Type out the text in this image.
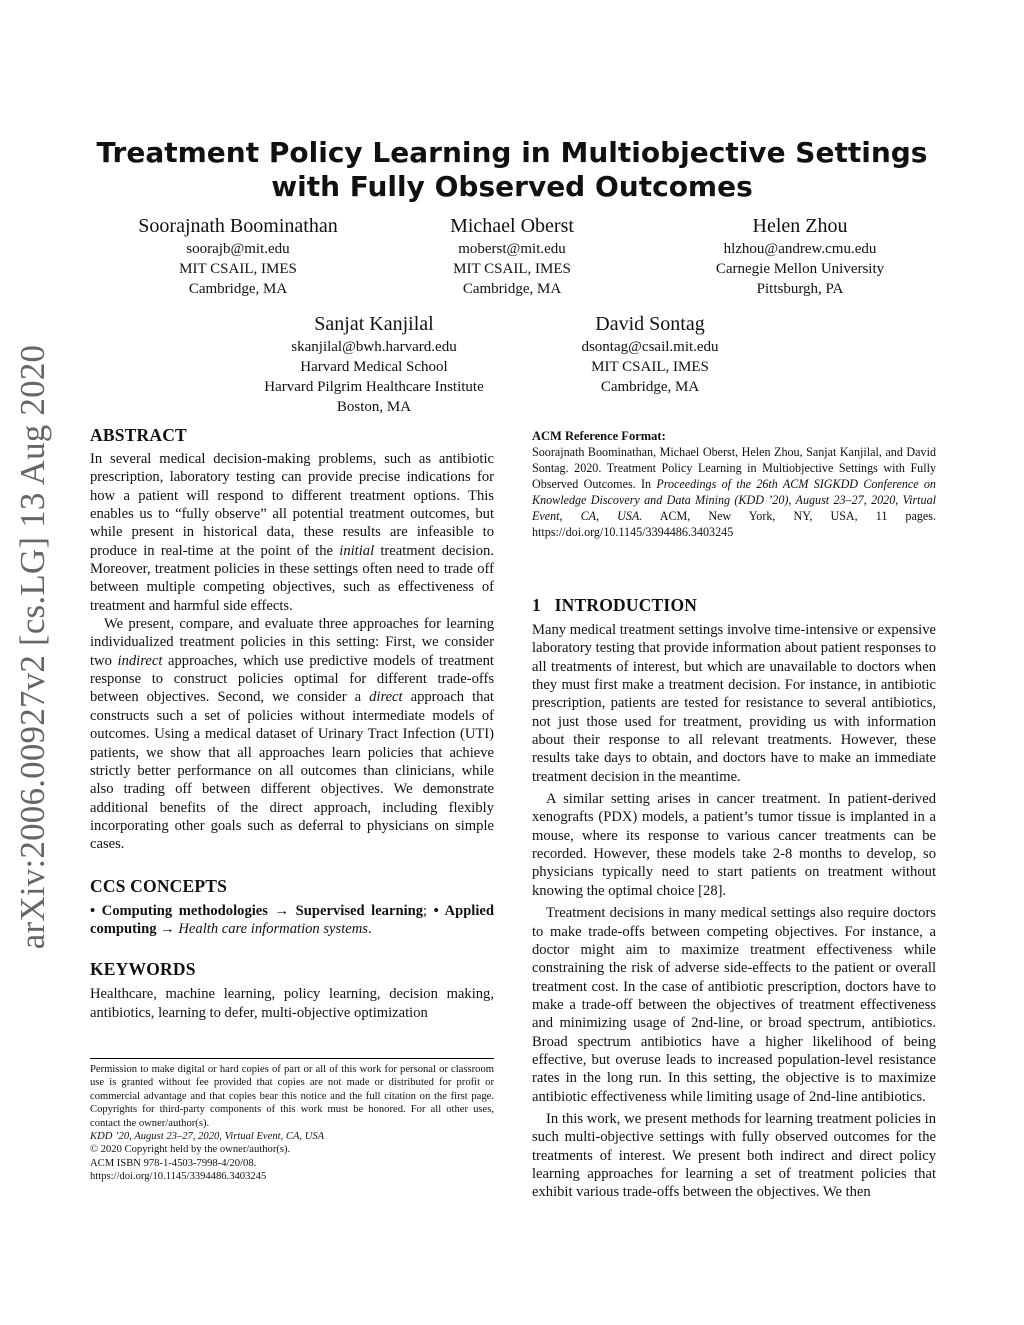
arXiv:2006.00927v2 [cs.LG] 13 Aug 2020
Treatment Policy Learning in Multiobjective Settings with Fully Observed Outcomes
Soorajnath Boominathan
soorajb@mit.edu
MIT CSAIL, IMES
Cambridge, MA
Michael Oberst
moberst@mit.edu
MIT CSAIL, IMES
Cambridge, MA
Helen Zhou
hlzhou@andrew.cmu.edu
Carnegie Mellon University
Pittsburgh, PA
Sanjat Kanjilal
skanjilal@bwh.harvard.edu
Harvard Medical School
Harvard Pilgrim Healthcare Institute
Boston, MA
David Sontag
dsontag@csail.mit.edu
MIT CSAIL, IMES
Cambridge, MA
ABSTRACT

In several medical decision-making problems, such as antibiotic prescription, laboratory testing can provide precise indications for how a patient will respond to different treatment options. This enables us to “fully observe” all potential treatment outcomes, but while present in historical data, these results are infeasible to produce in real-time at the point of the initial treatment decision. Moreover, treatment policies in these settings often need to trade off between multiple competing objectives, such as effectiveness of treatment and harmful side effects.

We present, compare, and evaluate three approaches for learning individualized treatment policies in this setting: First, we consider two indirect approaches, which use predictive models of treatment response to construct policies optimal for different trade-offs between objectives. Second, we consider a direct approach that constructs such a set of policies without intermediate models of outcomes. Using a medical dataset of Urinary Tract Infection (UTI) patients, we show that all approaches learn policies that achieve strictly better performance on all outcomes than clinicians, while also trading off between different objectives. We demonstrate additional benefits of the direct approach, including flexibly incorporating other goals such as deferral to physicians on simple cases.

CCS CONCEPTS

• Computing methodologies → Supervised learning; • Applied computing → Health care information systems.

KEYWORDS

Healthcare, machine learning, policy learning, decision making, antibiotics, learning to defer, multi-objective optimization

Permission to make digital or hard copies of part or all of this work for personal or classroom use is granted without fee provided that copies are not made or distributed for profit or commercial advantage and that copies bear this notice and the full citation on the first page. Copyrights for third-party components of this work must be honored. For all other uses, contact the owner/author(s).
KDD ’20, August 23–27, 2020, Virtual Event, CA, USA
© 2020 Copyright held by the owner/author(s).
ACM ISBN 978-1-4503-7998-4/20/08.
https://doi.org/10.1145/3394486.3403245
ACM Reference Format:
Soorajnath Boominathan, Michael Oberst, Helen Zhou, Sanjat Kanjilal, and David Sontag. 2020. Treatment Policy Learning in Multiobjective Settings with Fully Observed Outcomes. In Proceedings of the 26th ACM SIGKDD Conference on Knowledge Discovery and Data Mining (KDD ’20), August 23–27, 2020, Virtual Event, CA, USA. ACM, New York, NY, USA, 11 pages. https://doi.org/10.1145/3394486.3403245
1   INTRODUCTION

Many medical treatment settings involve time-intensive or expensive laboratory testing that provide information about patient responses to all treatments of interest, but which are unavailable to doctors when they must first make a treatment decision. For instance, in antibiotic prescription, patients are tested for resistance to several antibiotics, not just those used for treatment, providing us with information about their response to all relevant treatments. However, these results take days to obtain, and doctors have to make an immediate treatment decision in the meantime.

A similar setting arises in cancer treatment. In patient-derived xenografts (PDX) models, a patient’s tumor tissue is implanted in a mouse, where its response to various cancer treatments can be recorded. However, these models take 2-8 months to develop, so physicians typically need to start patients on treatment without knowing the optimal choice [28].

Treatment decisions in many medical settings also require doctors to make trade-offs between competing objectives. For instance, a doctor might aim to maximize treatment effectiveness while constraining the risk of adverse side-effects to the patient or overall treatment cost. In the case of antibiotic prescription, doctors have to make a trade-off between the objectives of treatment effectiveness and minimizing usage of 2nd-line, or broad spectrum, antibiotics. Broad spectrum antibiotics have a higher likelihood of being effective, but overuse leads to increased population-level resistance rates in the long run. In this setting, the objective is to maximize antibiotic effectiveness while limiting usage of 2nd-line antibiotics.

In this work, we present methods for learning treatment policies in such multi-objective settings with fully observed outcomes for the treatments of interest. We present both indirect and direct policy learning approaches for learning a set of treatment policies that exhibit various trade-offs between the objectives. We then
